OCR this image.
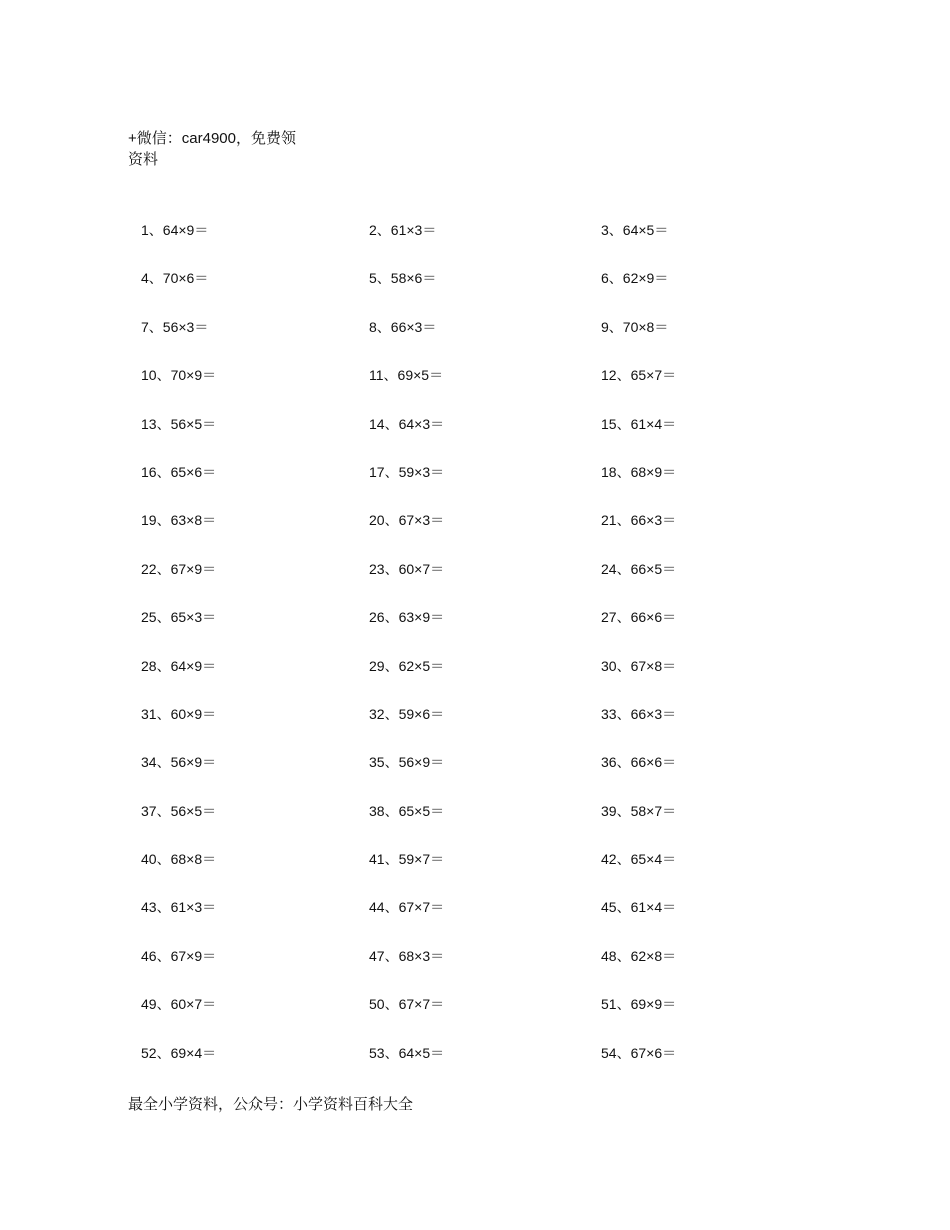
+微信：car4900，免费领
资料
1、64×9＝	2、61×3＝	3、64×5＝
4、70×6＝	5、58×6＝	6、62×9＝
7、56×3＝	8、66×3＝	9、70×8＝
10、70×9＝	11、69×5＝	12、65×7＝
13、56×5＝	14、64×3＝	15、61×4＝
16、65×6＝	17、59×3＝	18、68×9＝
19、63×8＝	20、67×3＝	21、66×3＝
22、67×9＝	23、60×7＝	24、66×5＝
25、65×3＝	26、63×9＝	27、66×6＝
28、64×9＝	29、62×5＝	30、67×8＝
31、60×9＝	32、59×6＝	33、66×3＝
34、56×9＝	35、56×9＝	36、66×6＝
37、56×5＝	38、65×5＝	39、58×7＝
40、68×8＝	41、59×7＝	42、65×4＝
43、61×3＝	44、67×7＝	45、61×4＝
46、67×9＝	47、68×3＝	48、62×8＝
49、60×7＝	50、67×7＝	51、69×9＝
52、69×4＝	53、64×5＝	54、67×6＝
最全小学资料，公众号：小学资料百科大全
